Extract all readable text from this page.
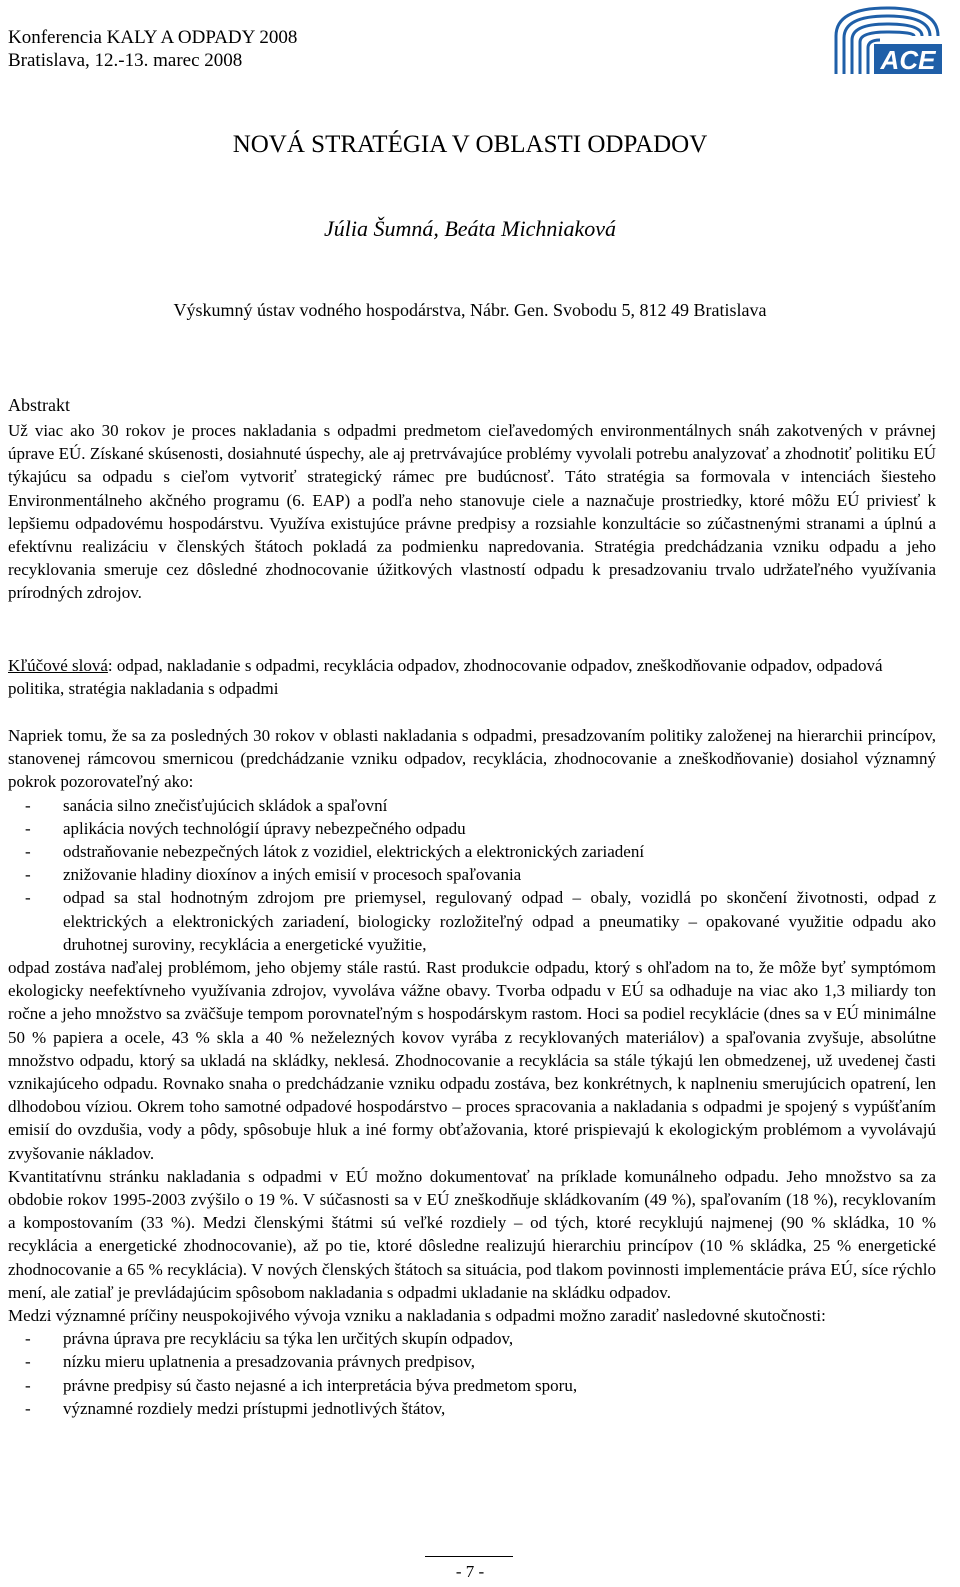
Konferencia KALY A ODPADY 2008
Bratislava, 12.-13. marec 2008	ACE
NOVÁ STRATÉGIA V OBLASTI ODPADOV
Júlia Šumná, Beáta Michniaková
Výskumný ústav vodného hospodárstva, Nábr. Gen. Svobodu 5, 812 49 Bratislava
Abstrakt

Už viac ako 30 rokov je proces nakladania s odpadmi predmetom cieľavedomých environmentálnych snáh zakotvených v právnej úprave EÚ. Získané skúsenosti, dosiahnuté úspechy, ale aj pretrvávajúce problémy vyvolali potrebu analyzovať a zhodnotiť politiku EÚ týkajúcu sa odpadu s cieľom vytvoriť strategický rámec pre budúcnosť. Táto stratégia sa formovala v intenciách šiesteho Environmentálneho akčného programu (6. EAP) a podľa neho stanovuje ciele a naznačuje prostriedky, ktoré môžu EÚ priviesť k lepšiemu odpadovému hospodárstvu. Využíva existujúce právne predpisy a rozsiahle konzultácie so zúčastnenými stranami a úplnú a efektívnu realizáciu v členských štátoch pokladá za podmienku napredovania. Stratégia predchádzania vzniku odpadu a jeho recyklovania smeruje cez dôsledné zhodnocovanie úžitkových vlastností odpadu k presadzovaniu trvalo udržateľného využívania prírodných zdrojov.

Kľúčové slová: odpad, nakladanie s odpadmi, recyklácia odpadov, zhodnocovanie odpadov, zneškodňovanie odpadov, odpadová politika, stratégia nakladania s odpadmi

Napriek tomu, že sa za posledných 30 rokov v oblasti nakladania s odpadmi, presadzovaním politiky založenej na hierarchii princípov, stanovenej rámcovou smernicou (predchádzanie vzniku odpadov, recyklácia, zhodnocovanie a zneškodňovanie) dosiahol významný pokrok pozorovateľný ako:

- sanácia silno znečisťujúcich skládok a spaľovní
- aplikácia nových technológií úpravy nebezpečného odpadu
- odstraňovanie nebezpečných látok z vozidiel, elektrických a elektronických zariadení
- znižovanie hladiny dioxínov a iných emisií v procesoch spaľovania
- odpad sa stal hodnotným zdrojom pre priemysel, regulovaný odpad – obaly, vozidlá po skončení životnosti, odpad z elektrických a elektronických zariadení, biologicky rozložiteľný odpad a pneumatiky – opakované využitie odpadu ako druhotnej suroviny, recyklácia a energetické využitie,

odpad zostáva naďalej problémom, jeho objemy stále rastú. Rast produkcie odpadu, ktorý s ohľadom na to, že môže byť symptómom ekologicky neefektívneho využívania zdrojov, vyvoláva vážne obavy. Tvorba odpadu v EÚ sa odhaduje na viac ako 1,3 miliardy ton ročne a jeho množstvo sa zväčšuje tempom porovnateľným s hospodárskym rastom. Hoci sa podiel recyklácie (dnes sa v EÚ minimálne 50 % papiera a ocele, 43 % skla a 40 % neželezných kovov vyrába z recyklovaných materiálov) a spaľovania zvyšuje, absolútne množstvo odpadu, ktorý sa ukladá na skládky, neklesá. Zhodnocovanie a recyklácia sa stále týkajú len obmedzenej, už uvedenej časti vznikajúceho odpadu. Rovnako snaha o predchádzanie vzniku odpadu zostáva, bez konkrétnych, k naplneniu smerujúcich opatrení, len dlhodobou víziou. Okrem toho samotné odpadové hospodárstvo – proces spracovania a nakladania s odpadmi je spojený s vypúšťaním emisií do ovzdušia, vody a pôdy, spôsobuje hluk a iné formy obťažovania, ktoré prispievajú k ekologickým problémom a vyvolávajú zvyšovanie nákladov.

Kvantitatívnu stránku nakladania s odpadmi v EÚ možno dokumentovať na príklade komunálneho odpadu. Jeho množstvo sa za obdobie rokov 1995-2003 zvýšilo o 19 %. V súčasnosti sa v EÚ zneškodňuje skládkovaním (49 %), spaľovaním (18 %), recyklovaním a kompostovaním (33 %). Medzi členskými štátmi sú veľké rozdiely – od tých, ktoré recyklujú najmenej (90 % skládka, 10 % recyklácia a energetické zhodnocovanie), až po tie, ktoré dôsledne realizujú hierarchiu princípov (10 % skládka, 25 % energetické zhodnocovanie a 65 % recyklácia). V nových členských štátoch sa situácia, pod tlakom povinnosti implementácie práva EÚ, síce rýchlo mení, ale zatiaľ je prevládajúcim spôsobom nakladania s odpadmi ukladanie na skládku odpadov.

Medzi významné príčiny neuspokojivého vývoja vzniku a nakladania s odpadmi možno zaradiť nasledovné skutočnosti:

- právna úprava pre recykláciu sa týka len určitých skupín odpadov,
- nízku mieru uplatnenia a presadzovania právnych predpisov,
- právne predpisy sú často nejasné a ich interpretácia býva predmetom sporu,
- významné rozdiely medzi prístupmi jednotlivých štátov,
- 7 -
